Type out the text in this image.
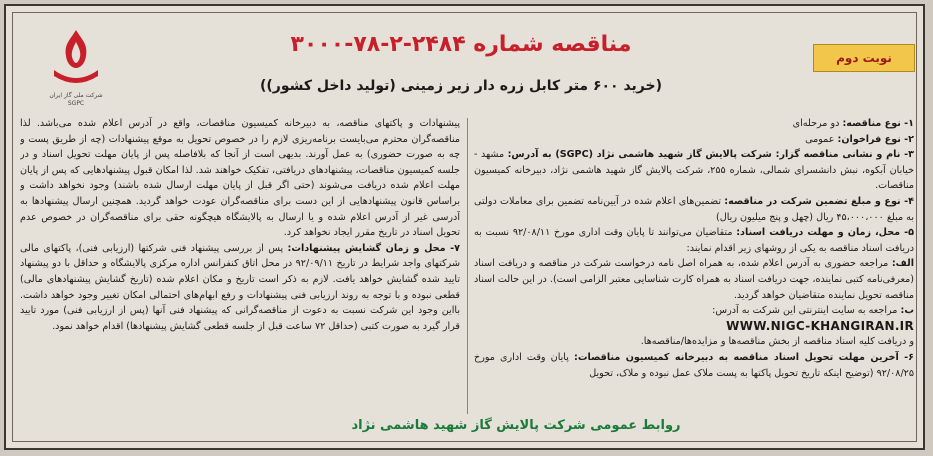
نوبت دوم
مناقصه شماره ۲۴۸۴-۲-۷۸-۳۰۰۰
(خرید ۶۰۰ متر کابل زره دار زیر زمینی (تولید داخل کشور))
شرکت ملی گاز ایران
SGPC

۱- نوع مناقصه: دو مرحله‌ای

۲- نوع فراخوان: عمومی

۳- نام و نشانی مناقصه گزار: شرکت پالایش گاز شهید هاشمی نژاد (SGPC) به آدرس: مشهد - خیابان آبکوه، نبش دانشسرای شمالی، شماره ۲۵۵، شرکت پالایش گاز شهید هاشمی نژاد، دبیرخانه کمیسیون مناقصات.

۴- نوع و مبلغ تضمین شرکت در مناقصه: تضمین‌های اعلام شده در آیین‌نامه تضمین برای معاملات دولتی به مبلغ ۴۵،۰۰۰،۰۰۰ ریال (چهل و پنج میلیون ریال)

۵- محل، زمان و مهلت دریافت اسناد: متقاضیان می‌توانند تا پایان وقت اداری مورخ ۹۲/۰۸/۱۱ نسبت به دریافت اسناد مناقصه به یکی از روشهای زیر اقدام نمایند:

الف: مراجعه حضوری به آدرس اعلام شده، به همراه اصل نامه درخواست شرکت در مناقصه و دریافت اسناد (معرفی‌نامه کتبی نماینده، جهت دریافت اسناد به همراه کارت شناسایی معتبر الزامی است). در این حالت اسناد مناقصه تحویل نماینده متقاضیان خواهد گردید.

ب: مراجعه به سایت اینترنتی این شرکت به آدرس:

WWW.NIGC-KHANGIRAN.IR

و دریافت کلیه اسناد مناقصه از بخش مناقصه‌ها و مزایده‌ها/مناقصه‌ها.

۶- آخرین مهلت تحویل اسناد مناقصه به دبیرخانه کمیسیون مناقصات: پایان وقت اداری مورخ ۹۲/۰۸/۲۵ (توضیح اینکه تاریخ تحویل پاکتها به پست ملاک عمل نبوده و ملاک، تحویل

پیشنهادات و پاکتهای مناقصه، به دبیرخانه کمیسیون مناقصات، واقع در آدرس اعلام شده می‌باشد. لذا مناقصه‌گران محترم می‌بایست برنامه‌ریزی لازم را در خصوص تحویل به موقع پیشنهادات (چه از طریق پست و چه به صورت حضوری) به عمل آورند. بدیهی است از آنجا که بلافاصله پس از پایان مهلت تحویل اسناد و در جلسه کمیسیون مناقصات، پیشنهادهای دریافتی، تفکیک خواهند شد. لذا امکان قبول پیشنهادهایی که پس از پایان مهلت اعلام شده دریافت می‌شوند (حتی اگر قبل از پایان مهلت ارسال شده باشند) وجود نخواهد داشت و براساس قانون پیشنهادهایی از این دست برای مناقصه‌گران عودت خواهد گردید. همچنین ارسال پیشنهادها به آدرسی غیر از آدرس اعلام شده و یا ارسال به پالایشگاه هیچگونه حقی برای مناقصه‌گران در خصوص عدم تحویل اسناد در تاریخ مقرر ایجاد نخواهد کرد.

۷- محل و زمان گشایش پیشنهادات: پس از بررسی پیشنهاد فنی شرکتها (ارزیابی فنی)، پاکتهای مالی شرکتهای واجد شرایط در تاریخ ۹۲/۰۹/۱۱ در محل اتاق کنفرانس اداره مرکزی پالایشگاه و حداقل با دو پیشنهاد تایید شده گشایش خواهد یافت. لازم به ذکر است تاریخ و مکان اعلام شده (تاریخ گشایش پیشنهادهای مالی) قطعی نبوده و با توجه به روند ارزیابی فنی پیشنهادات و رفع ابهام‌های احتمالی امکان تغییر وجود خواهد داشت. بااین وجود این شرکت نسبت به دعوت از مناقصه‌گرانی که پیشنهاد فنی آنها (پس از ارزیابی فنی) مورد تایید قرار گیرد به صورت کتبی (حداقل ۷۲ ساعت قبل از جلسه قطعی گشایش پیشنهادها) اقدام خواهد نمود.

روابط عمومی شرکت پالایش گاز شهید هاشمی نژاد
